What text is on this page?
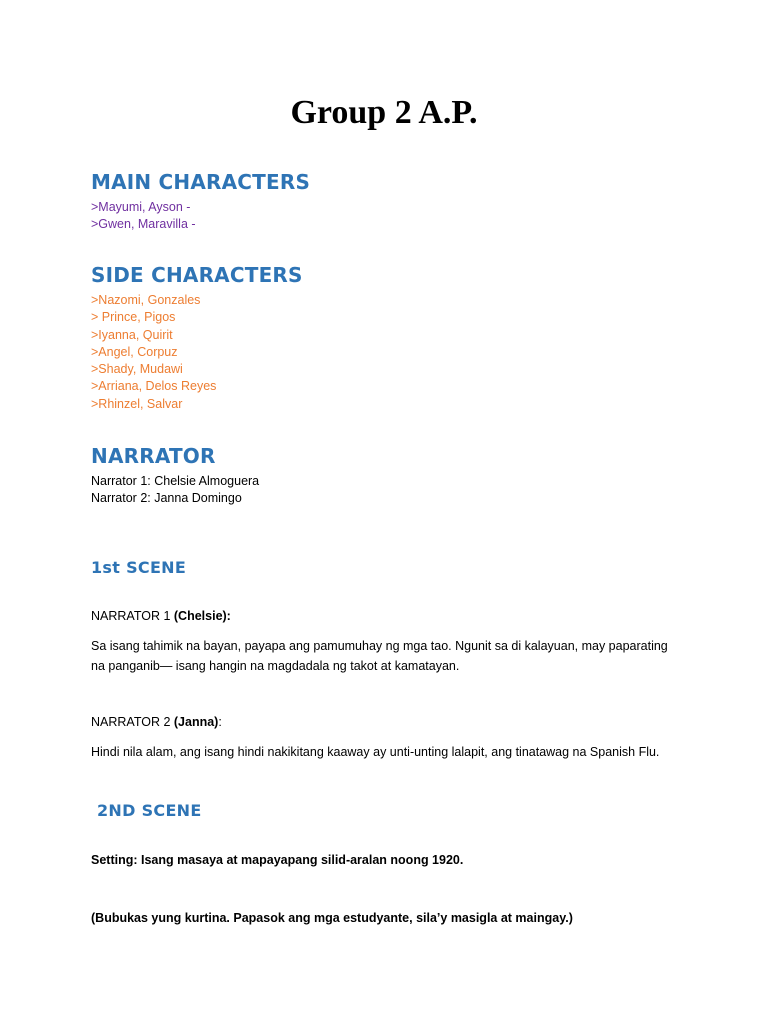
Group 2 A.P.
MAIN CHARACTERS
>Mayumi, Ayson -
>Gwen, Maravilla -
SIDE CHARACTERS
>Nazomi, Gonzales
> Prince, Pigos
>Iyanna, Quirit
>Angel, Corpuz
>Shady, Mudawi
>Arriana, Delos Reyes
>Rhinzel, Salvar
NARRATOR
Narrator 1: Chelsie Almoguera
Narrator 2: Janna Domingo
1st SCENE

NARRATOR 1 (Chelsie):

Sa isang tahimik na bayan, payapa ang pamumuhay ng mga tao. Ngunit sa di kalayuan, may paparating na panganib— isang hangin na magdadala ng takot at kamatayan.

NARRATOR 2 (Janna):

Hindi nila alam, ang isang hindi nakikitang kaaway ay unti-unting lalapit, ang tinatawag na Spanish Flu.

2ND SCENE

Setting: Isang masaya at mapayapang silid-aralan noong 1920.

(Bubukas yung kurtina. Papasok ang mga estudyante, sila’y masigla at maingay.)
